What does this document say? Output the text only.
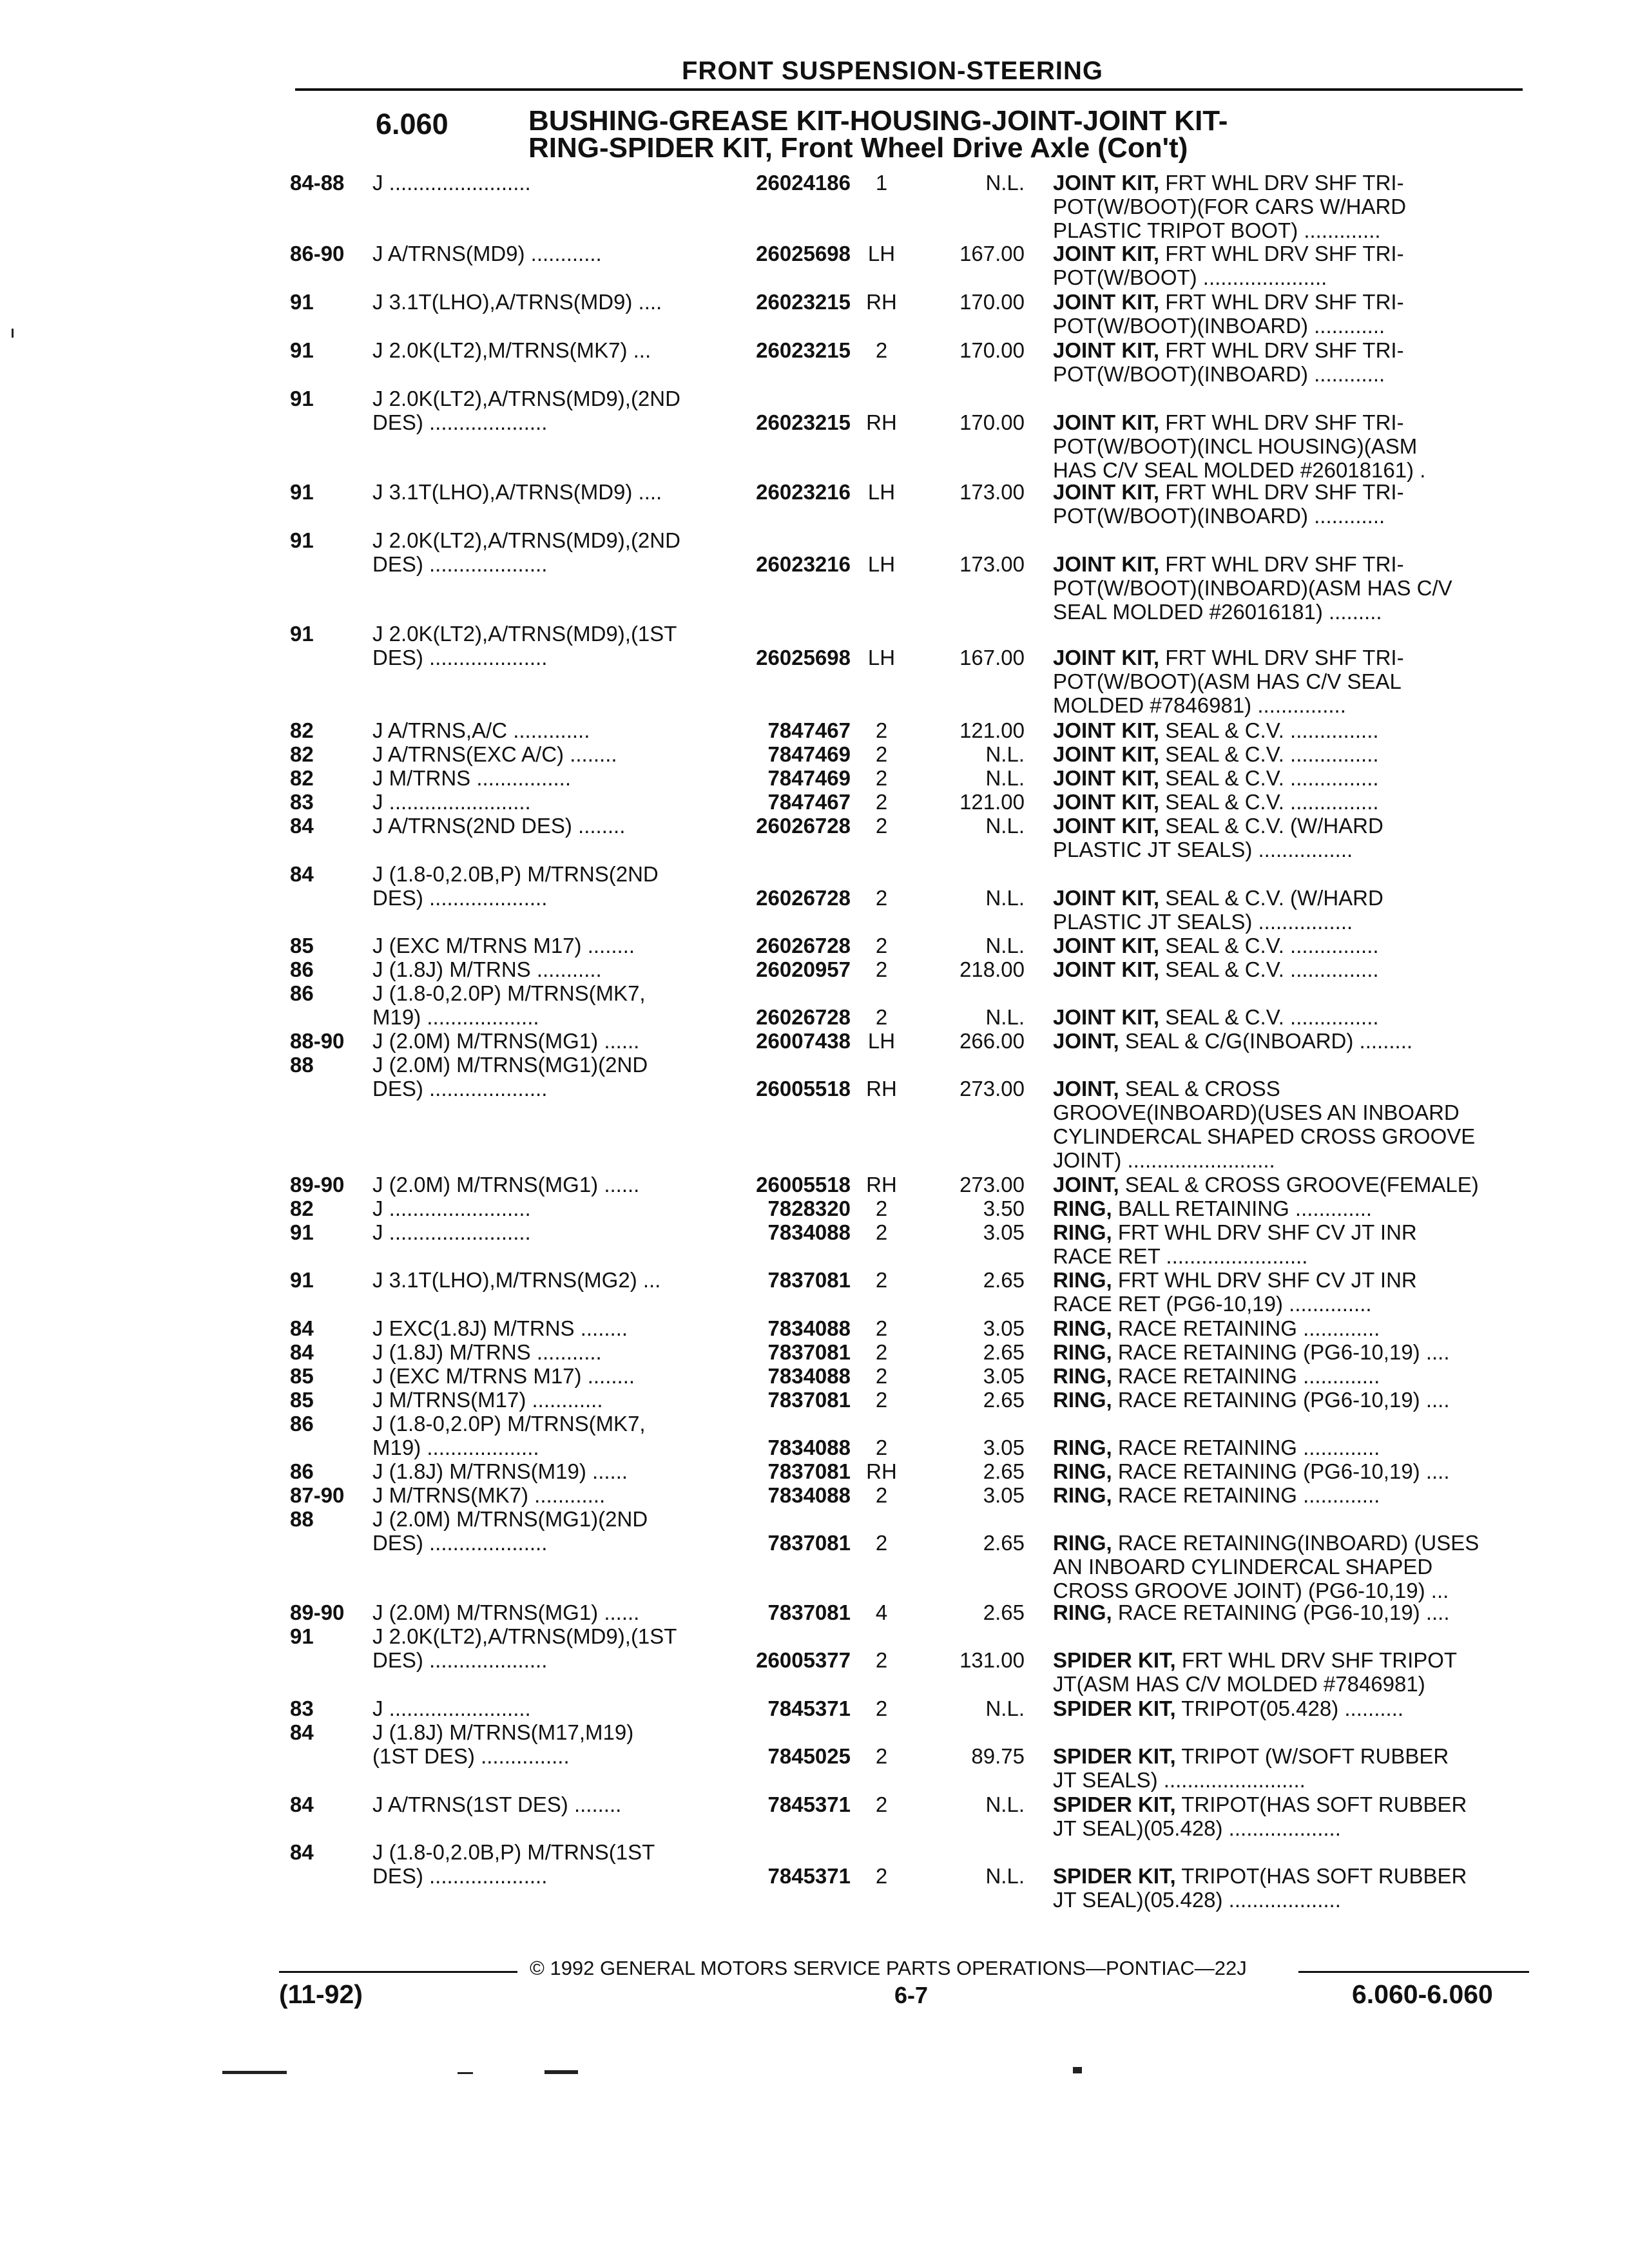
FRONT SUSPENSION-STEERING
6.060	BUSHING-GREASE KIT-HOUSING-JOINT-JOINT KIT-
RING-SPIDER KIT, Front Wheel Drive Axle (Con't)
84-88 J ........................	26024186	1	N.L. JOINT KIT, FRT WHL DRV SHF TRI-
POT(W/BOOT)(FOR CARS W/HARD
PLASTIC TRIPOT BOOT) .............
86-90 J A/TRNS(MD9) ............	26025698 LH	167.00 JOINT KIT, FRT WHL DRV SHF TRI-
POT(W/BOOT) .....................
91	J 3.1T(LHO),A/TRNS(MD9) ....	26023215 RH	170.00 JOINT KIT, FRT WHL DRV SHF TRI-
POT(W/BOOT)(INBOARD) ............
91	J 2.0K(LT2),M/TRNS(MK7) ...	26023215	2	170.00 JOINT KIT, FRT WHL DRV SHF TRI-
POT(W/BOOT)(INBOARD) ............
91	J 2.0K(LT2),A/TRNS(MD9),(2ND
DES) ....................	26023215 RH	170.00 JOINT KIT, FRT WHL DRV SHF TRI-
POT(W/BOOT)(INCL HOUSING)(ASM
HAS C/V SEAL MOLDED #26018161) .
91	J 3.1T(LHO),A/TRNS(MD9) ....	26023216 LH	173.00 JOINT KIT, FRT WHL DRV SHF TRI-
POT(W/BOOT)(INBOARD) ............
91	J 2.0K(LT2),A/TRNS(MD9),(2ND
DES) ....................	26023216 LH	173.00 JOINT KIT, FRT WHL DRV SHF TRI-
POT(W/BOOT)(INBOARD)(ASM HAS C/V
SEAL MOLDED #26016181) .........
91	J 2.0K(LT2),A/TRNS(MD9),(1ST
DES) ....................	26025698 LH	167.00 JOINT KIT, FRT WHL DRV SHF TRI-
POT(W/BOOT)(ASM HAS C/V SEAL
MOLDED #7846981) ...............
82	J A/TRNS,A/C .............	7847467	2	121.00 JOINT KIT, SEAL & C.V. ...............
82	J A/TRNS(EXC A/C) ........	7847469	2	N.L. JOINT KIT, SEAL & C.V. ...............
82	J M/TRNS ................	7847469	2	N.L. JOINT KIT, SEAL & C.V. ...............
83	J ........................	7847467	2	121.00 JOINT KIT, SEAL & C.V. ...............
84	J A/TRNS(2ND DES) ........	26026728	2	N.L. JOINT KIT, SEAL & C.V. (W/HARD
PLASTIC JT SEALS) ................
84	J (1.8-0,2.0B,P) M/TRNS(2ND
DES) ....................	26026728	2	N.L. JOINT KIT, SEAL & C.V. (W/HARD
PLASTIC JT SEALS) ................
85	J (EXC M/TRNS M17) ........	26026728	2	N.L. JOINT KIT, SEAL & C.V. ...............
86	J (1.8J) M/TRNS ...........	26020957	2	218.00 JOINT KIT, SEAL & C.V. ...............
86	J (1.8-0,2.0P) M/TRNS(MK7,
M19) ...................	26026728	2	N.L. JOINT KIT, SEAL & C.V. ...............
88-90 J (2.0M) M/TRNS(MG1) ......	26007438 LH	266.00 JOINT, SEAL & C/G(INBOARD) .........
88	J (2.0M) M/TRNS(MG1)(2ND
DES) ....................	26005518 RH	273.00 JOINT, SEAL & CROSS
GROOVE(INBOARD)(USES AN INBOARD
CYLINDERCAL SHAPED CROSS GROOVE
JOINT) .........................
89-90 J (2.0M) M/TRNS(MG1) ......	26005518 RH	273.00 JOINT, SEAL & CROSS GROOVE(FEMALE)
82	J ........................	7828320	2	3.50 RING, BALL RETAINING .............
91	J ........................	7834088	2	3.05 RING, FRT WHL DRV SHF CV JT INR
RACE RET ........................
91	J 3.1T(LHO),M/TRNS(MG2) ...	7837081	2	2.65 RING, FRT WHL DRV SHF CV JT INR
RACE RET (PG6-10,19) ..............
84	J EXC(1.8J) M/TRNS ........	7834088	2	3.05 RING, RACE RETAINING .............
84	J (1.8J) M/TRNS ...........	7837081	2	2.65 RING, RACE RETAINING (PG6-10,19) ....
85	J (EXC M/TRNS M17) ........	7834088	2	3.05 RING, RACE RETAINING .............
85	J M/TRNS(M17) ............	7837081	2	2.65 RING, RACE RETAINING (PG6-10,19) ....
86	J (1.8-0,2.0P) M/TRNS(MK7,
M19) ...................	7834088	2	3.05 RING, RACE RETAINING .............
86	J (1.8J) M/TRNS(M19) ......	7837081 RH	2.65 RING, RACE RETAINING (PG6-10,19) ....
87-90 J M/TRNS(MK7) ............	7834088	2	3.05 RING, RACE RETAINING .............
88	J (2.0M) M/TRNS(MG1)(2ND
DES) ....................	7837081	2	2.65 RING, RACE RETAINING(INBOARD) (USES
AN INBOARD CYLINDERCAL SHAPED
CROSS GROOVE JOINT) (PG6-10,19) ...
89-90 J (2.0M) M/TRNS(MG1) ......	7837081	4	2.65 RING, RACE RETAINING (PG6-10,19) ....
91	J 2.0K(LT2),A/TRNS(MD9),(1ST
DES) ....................	26005377	2	131.00 SPIDER KIT, FRT WHL DRV SHF TRIPOT
JT(ASM HAS C/V MOLDED #7846981)
83	J ........................	7845371	2	N.L. SPIDER KIT, TRIPOT(05.428) ..........
84	J (1.8J) M/TRNS(M17,M19)
(1ST DES) ...............	7845025	2	89.75 SPIDER KIT, TRIPOT (W/SOFT RUBBER
JT SEALS) ........................
84	J A/TRNS(1ST DES) ........	7845371	2	N.L. SPIDER KIT, TRIPOT(HAS SOFT RUBBER
JT SEAL)(05.428) ...................
84	J (1.8-0,2.0B,P) M/TRNS(1ST
DES) ....................	7845371	2	N.L. SPIDER KIT, TRIPOT(HAS SOFT RUBBER
JT SEAL)(05.428) ...................
© 1992 GENERAL MOTORS SERVICE PARTS OPERATIONS—PONTIAC—22J
(11-92)	6-7	6.060-6.060
